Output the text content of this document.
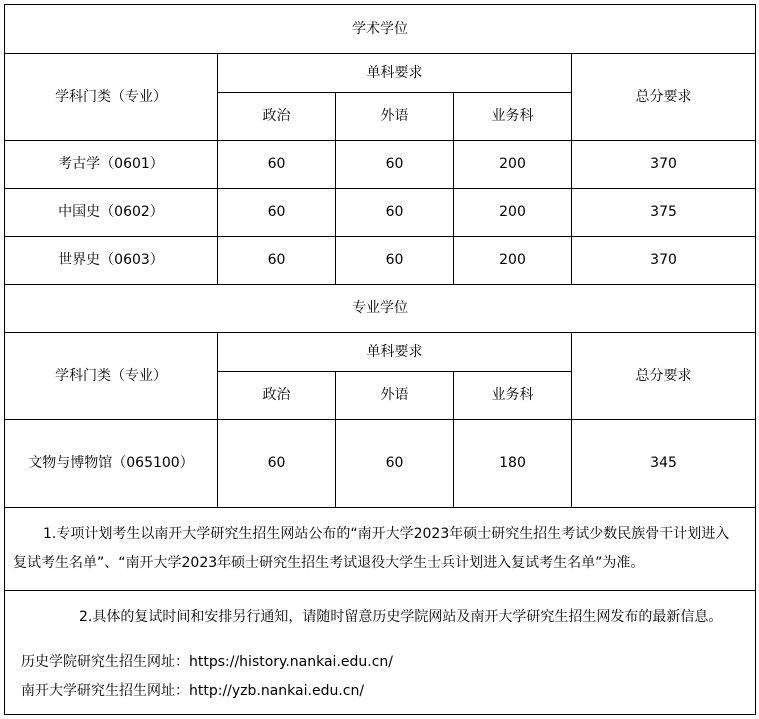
学术学位				
学科门类（专业）	单科要求			总分要求
	政治	外语	业务科	
考古学（0601）	60	60	200	370
中国史（0602）	60	60	200	375
世界史（0603）	60	60	200	370
专业学位				
学科门类（专业）	单科要求			总分要求
	政治	外语	业务科	
文物与博物馆（065100）	60	60	180	345

1.专项计划考生以南开大学研究生招生网站公布的“南开大学2023年硕士研究生招生考试少数民族骨干计划进入复试考生名单”、“南开大学2023年硕士研究生招生考试退役大学生士兵计划进入复试考生名单”为准。				

2.具体的复试时间和安排另行通知，请随时留意历史学院网站及南开大学研究生招生网发布的最新信息。
历史学院研究生招生网址：https://history.nankai.edu.cn/
南开大学研究生招生网址：http://yzb.nankai.edu.cn/				
